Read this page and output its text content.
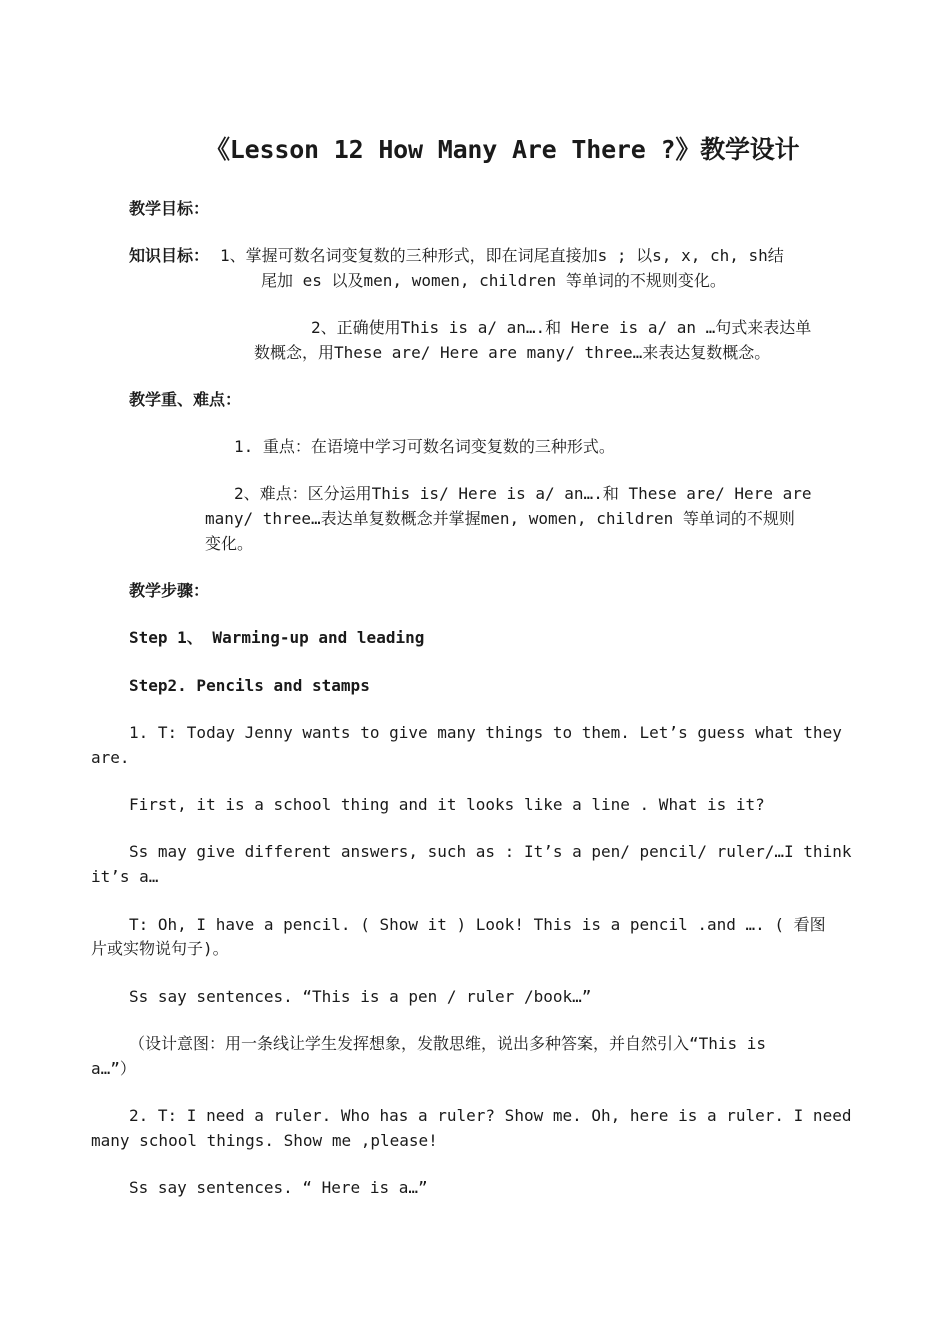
《Lesson 12 How Many Are There ?》教学设计
教学目标：
知识目标： 1、掌握可数名词变复数的三种形式，即在词尾直接加s ; 以s, x, ch, sh结
尾加 es 以及men, women, children 等单词的不规则变化。
2、正确使用This is a/ an….和 Here is a/ an …句式来表达单
数概念，用These are/ Here are many/ three…来表达复数概念。
教学重、难点：
1. 重点：在语境中学习可数名词变复数的三种形式。
2、难点：区分运用This is/ Here is a/ an….和 These are/ Here are
many/ three…表达单复数概念并掌握men, women, children 等单词的不规则
变化。
教学步骤：
Step 1、 Warming-up and leading
Step2. Pencils and stamps
1. T: Today Jenny wants to give many things to them. Let’s guess what they
are.
First, it is a school thing and it looks like a line . What is it?
Ss may give different answers, such as : It’s a pen/ pencil/ ruler/…I think
it’s a…
T: Oh, I have a pencil. ( Show it ) Look! This is a pencil .and …. ( 看图
片或实物说句子)。
Ss say sentences. “This is a pen / ruler /book…”
（设计意图：用一条线让学生发挥想象，发散思维，说出多种答案，并自然引入“This is
a…”）
2. T: I need a ruler. Who has a ruler? Show me. Oh, here is a ruler. I need
many school things. Show me ,please!
Ss say sentences. “ Here is a…”
